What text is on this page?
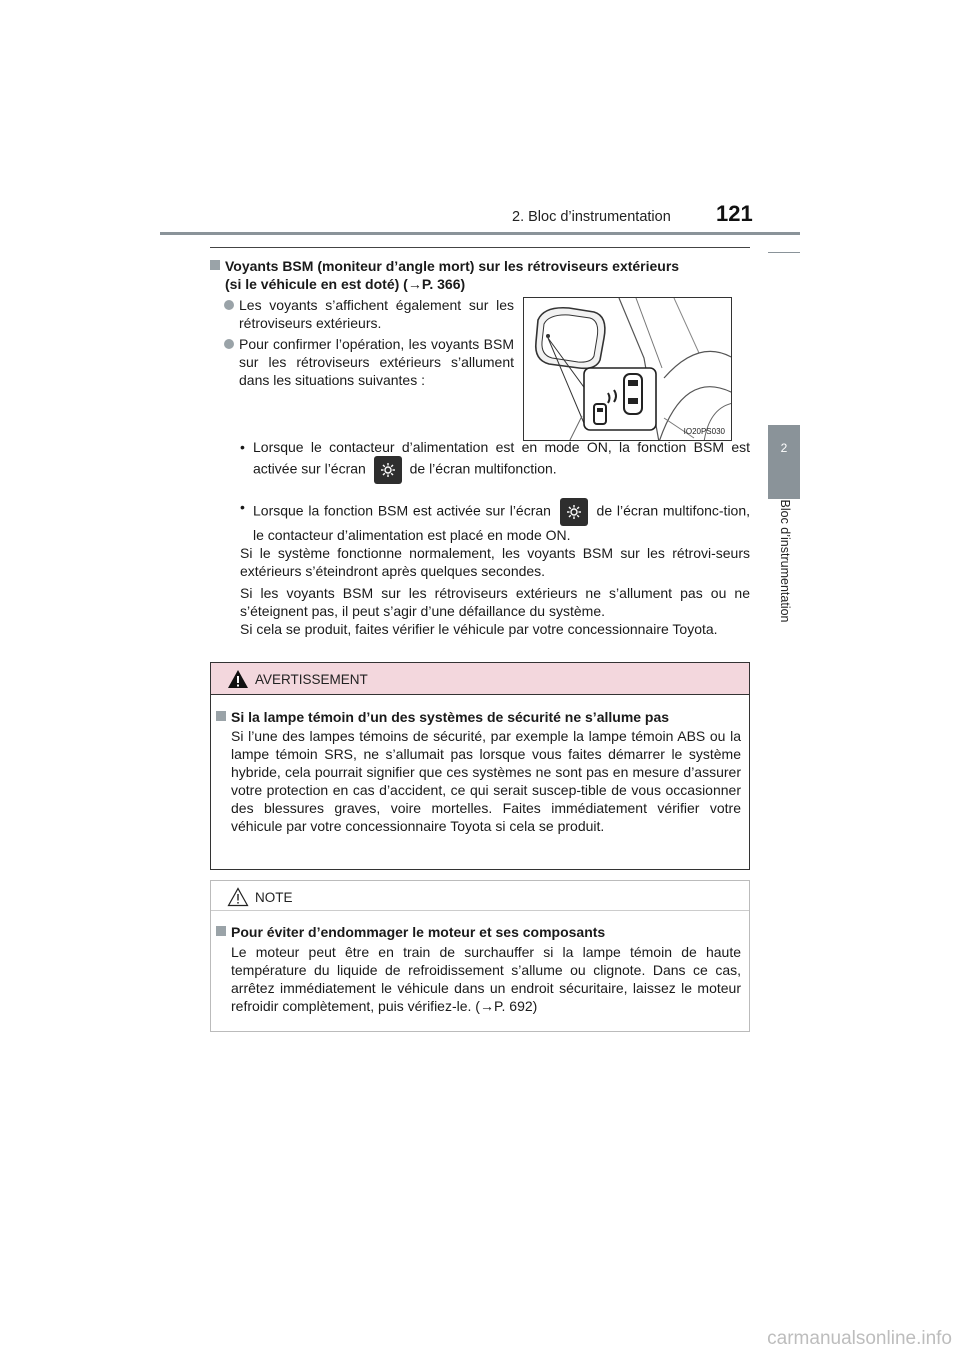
2. Bloc d’instrumentation 121
2
Bloc d’instrumentation
Voyants BSM (moniteur d’angle mort) sur les rétroviseurs extérieurs
(si le véhicule en est doté) (→P. 366)
Les voyants s’affichent également sur les rétroviseurs extérieurs.
Pour confirmer l’opération, les voyants BSM sur les rétroviseurs extérieurs s’allument dans les situations suivantes :
IO20PS030
• Lorsque le contacteur d’alimentation est en mode ON, la fonction BSM est activée sur l’écran	de l’écran multifonction.
• Lorsque la fonction BSM est activée sur l’écran	de l’écran multifonc-tion, le contacteur d’alimentation est placé en mode ON.
Si le système fonctionne normalement, les voyants BSM sur les rétrovi-seurs extérieurs s’éteindront après quelques secondes.
Si les voyants BSM sur les rétroviseurs extérieurs ne s’allument pas ou ne s’éteignent pas, il peut s’agir d’une défaillance du système.
Si cela se produit, faites vérifier le véhicule par votre concessionnaire Toyota.
AVERTISSEMENT
Si la lampe témoin d’un des systèmes de sécurité ne s’allume pas
Si l’une des lampes témoins de sécurité, par exemple la lampe témoin ABS ou la lampe témoin SRS, ne s’allumait pas lorsque vous faites démarrer le système hybride, cela pourrait signifier que ces systèmes ne sont pas en mesure d’assurer votre protection en cas d’accident, ce qui serait suscep-tible de vous occasionner des blessures graves, voire mortelles. Faites immédiatement vérifier votre véhicule par votre concessionnaire Toyota si cela se produit.
NOTE
Pour éviter d’endommager le moteur et ses composants
Le moteur peut être en train de surchauffer si la lampe témoin de haute température du liquide de refroidissement s’allume ou clignote. Dans ce cas, arrêtez immédiatement le véhicule dans un endroit sécuritaire, laissez le moteur refroidir complètement, puis vérifiez-le. (→P. 692)
carmanualsonline.info
